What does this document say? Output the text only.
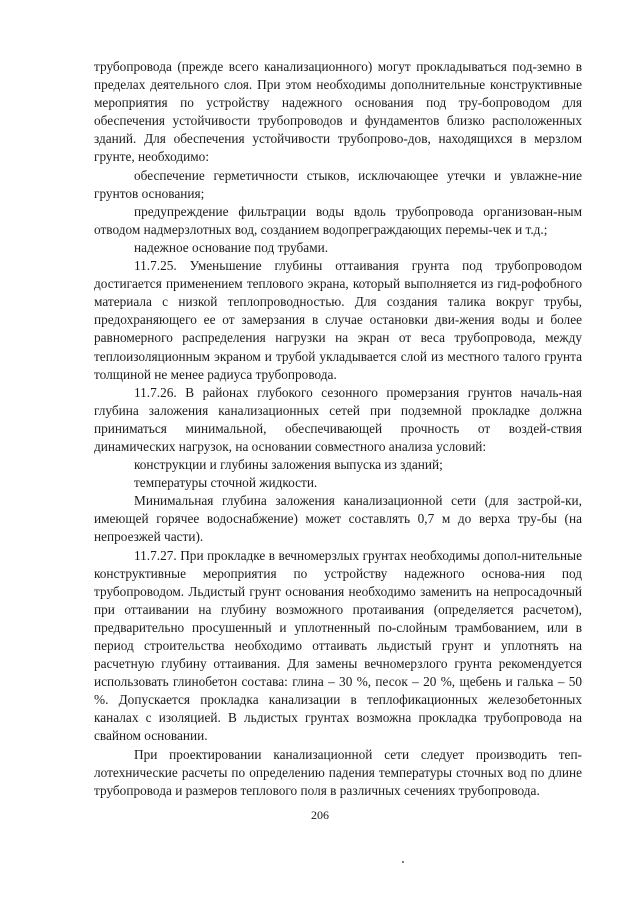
трубопровода (прежде всего канализационного) могут прокладываться под-земно в пределах деятельного слоя. При этом необходимы дополнительные конструктивные мероприятия по устройству надежного основания под тру-бопроводом для обеспечения устойчивости трубопроводов и фундаментов близко расположенных зданий. Для обеспечения устойчивости трубопрово-дов, находящихся в мерзлом грунте, необходимо:

обеспечение герметичности стыков, исключающее утечки и увлажне-ние грунтов основания;

предупреждение фильтрации воды вдоль трубопровода организован-ным отводом надмерзлотных вод, созданием водопреграждающих перемы-чек и т.д.;

надежное основание под трубами.

11.7.25. Уменьшение глубины оттаивания грунта под трубопроводом достигается применением теплового экрана, который выполняется из гид-рофобного материала с низкой теплопроводностью. Для создания талика вокруг трубы, предохраняющего ее от замерзания в случае остановки дви-жения воды и более равномерного распределения нагрузки на экран от веса трубопровода, между теплоизоляционным экраном и трубой укладывается слой из местного талого грунта толщиной не менее радиуса трубопровода.

11.7.26. В районах глубокого сезонного промерзания грунтов началь-ная глубина заложения канализационных сетей при подземной прокладке должна приниматься минимальной, обеспечивающей прочность от воздей-ствия динамических нагрузок, на основании совместного анализа условий:

конструкции и глубины заложения выпуска из зданий;

температуры сточной жидкости.

Минимальная глубина заложения канализационной сети (для застрой-ки, имеющей горячее водоснабжение) может составлять 0,7 м до верха тру-бы (на непроезжей части).

11.7.27. При прокладке в вечномерзлых грунтах необходимы допол-нительные конструктивные мероприятия по устройству надежного основа-ния под трубопроводом. Льдистый грунт основания необходимо заменить на непросадочный при оттаивании на глубину возможного протаивания (определяется расчетом), предварительно просушенный и уплотненный по-слойным трамбованием, или в период строительства необходимо оттаивать льдистый грунт и уплотнять на расчетную глубину оттаивания. Для замены вечномерзлого грунта рекомендуется использовать глинобетон состава: глина – 30 %, песок – 20 %, щебень и галька – 50 %. Допускается прокладка канализации в теплофикационных железобетонных каналах с изоляцией. В льдистых грунтах возможна прокладка трубопровода на свайном основании.

При проектировании канализационной сети следует производить теп-лотехнические расчеты по определению падения температуры сточных вод по длине трубопровода и размеров теплового поля в различных сечениях трубопровода.

206
